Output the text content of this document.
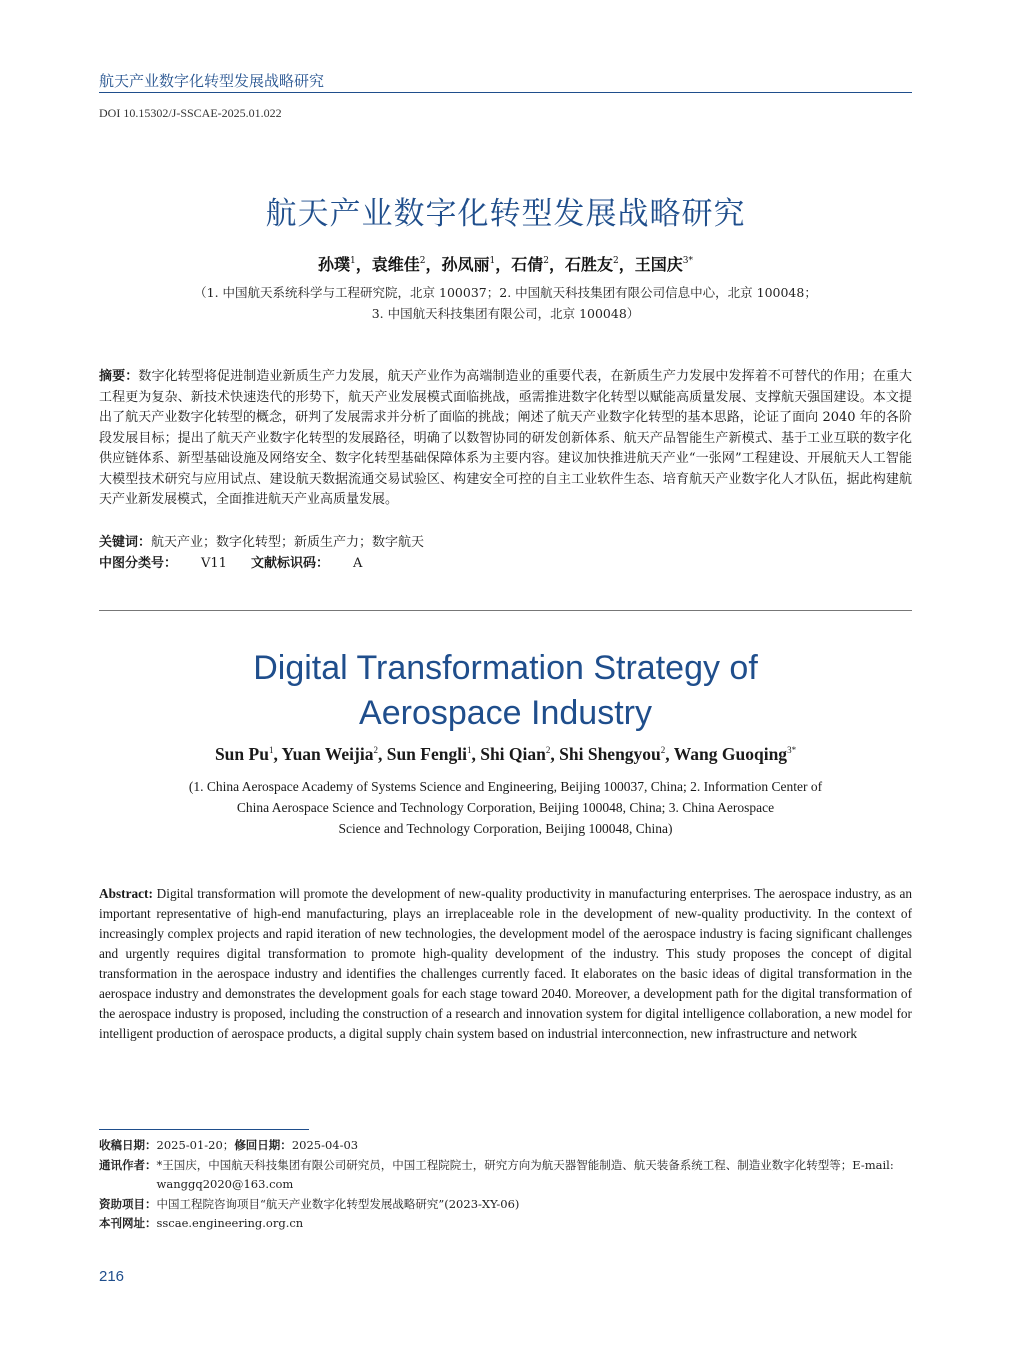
航天产业数字化转型发展战略研究
DOI 10.15302/J-SSCAE-2025.01.022
航天产业数字化转型发展战略研究
孙璞$^1$，袁维佳$^2$，孙凤丽$^1$，石倩$^2$，石胜友$^2$，王国庆$^{3*}$
（1. 中国航天系统科学与工程研究院，北京 100037；2. 中国航天科技集团有限公司信息中心，北京 100048；
3. 中国航天科技集团有限公司，北京 100048）
摘要：数字化转型将促进制造业新质生产力发展，航天产业作为高端制造业的重要代表，在新质生产力发展中发挥着不可替代的作用；在重大工程更为复杂、新技术快速迭代的形势下，航天产业发展模式面临挑战，亟需推进数字化转型以赋能高质量发展、支撑航天强国建设。本文提出了航天产业数字化转型的概念，研判了发展需求并分析了面临的挑战；阐述了航天产业数字化转型的基本思路，论证了面向 2040 年的各阶段发展目标；提出了航天产业数字化转型的发展路径，明确了以数智协同的研发创新体系、航天产品智能生产新模式、基于工业互联的数字化供应链体系、新型基础设施及网络安全、数字化转型基础保障体系为主要内容。建议加快推进航天产业“一张网”工程建设、开展航天人工智能大模型技术研究与应用试点、建设航天数据流通交易试验区、构建安全可控的自主工业软件生态、培育航天产业数字化人才队伍，据此构建航天产业新发展模式，全面推进航天产业高质量发展。
关键词：航天产业；数字化转型；新质生产力；数字航天
中图分类号： V11 文献标识码： A
Digital Transformation Strategy of
Aerospace Industry
Sun Pu$^1$, Yuan Weijia$^2$, Sun Fengli$^1$, Shi Qian$^2$, Shi Shengyou$^2$, Wang Guoqing$^{3*}$
(1. China Aerospace Academy of Systems Science and Engineering, Beijing 100037, China; 2. Information Center of
China Aerospace Science and Technology Corporation, Beijing 100048, China; 3. China Aerospace
Science and Technology Corporation, Beijing 100048, China)
Abstract: Digital transformation will promote the development of new-quality productivity in manufacturing enterprises. The aerospace industry, as an important representative of high-end manufacturing, plays an irreplaceable role in the development of new-quality productivity. In the context of increasingly complex projects and rapid iteration of new technologies, the development model of the aerospace industry is facing significant challenges and urgently requires digital transformation to promote high-quality development of the industry. This study proposes the concept of digital transformation in the aerospace industry and identifies the challenges currently faced. It elaborates on the basic ideas of digital transformation in the aerospace industry and demonstrates the development goals for each stage toward 2040. Moreover, a development path for the digital transformation of the aerospace industry is proposed, including the construction of a research and innovation system for digital intelligence collaboration, a new model for intelligent production of aerospace products, a digital supply chain system based on industrial interconnection, new infrastructure and network
收稿日期： 2025-01-20；修回日期：2025-04-03
通讯作者： *王国庆，中国航天科技集团有限公司研究员，中国工程院院士，研究方向为航天器智能制造、航天装备系统工程、制造业数字化转型等；E-mail: wanggq2020@163.com
资助项目： 中国工程院咨询项目“航天产业数字化转型发展战略研究”(2023-XY-06)
本刊网址： sscae.engineering.org.cn
216
